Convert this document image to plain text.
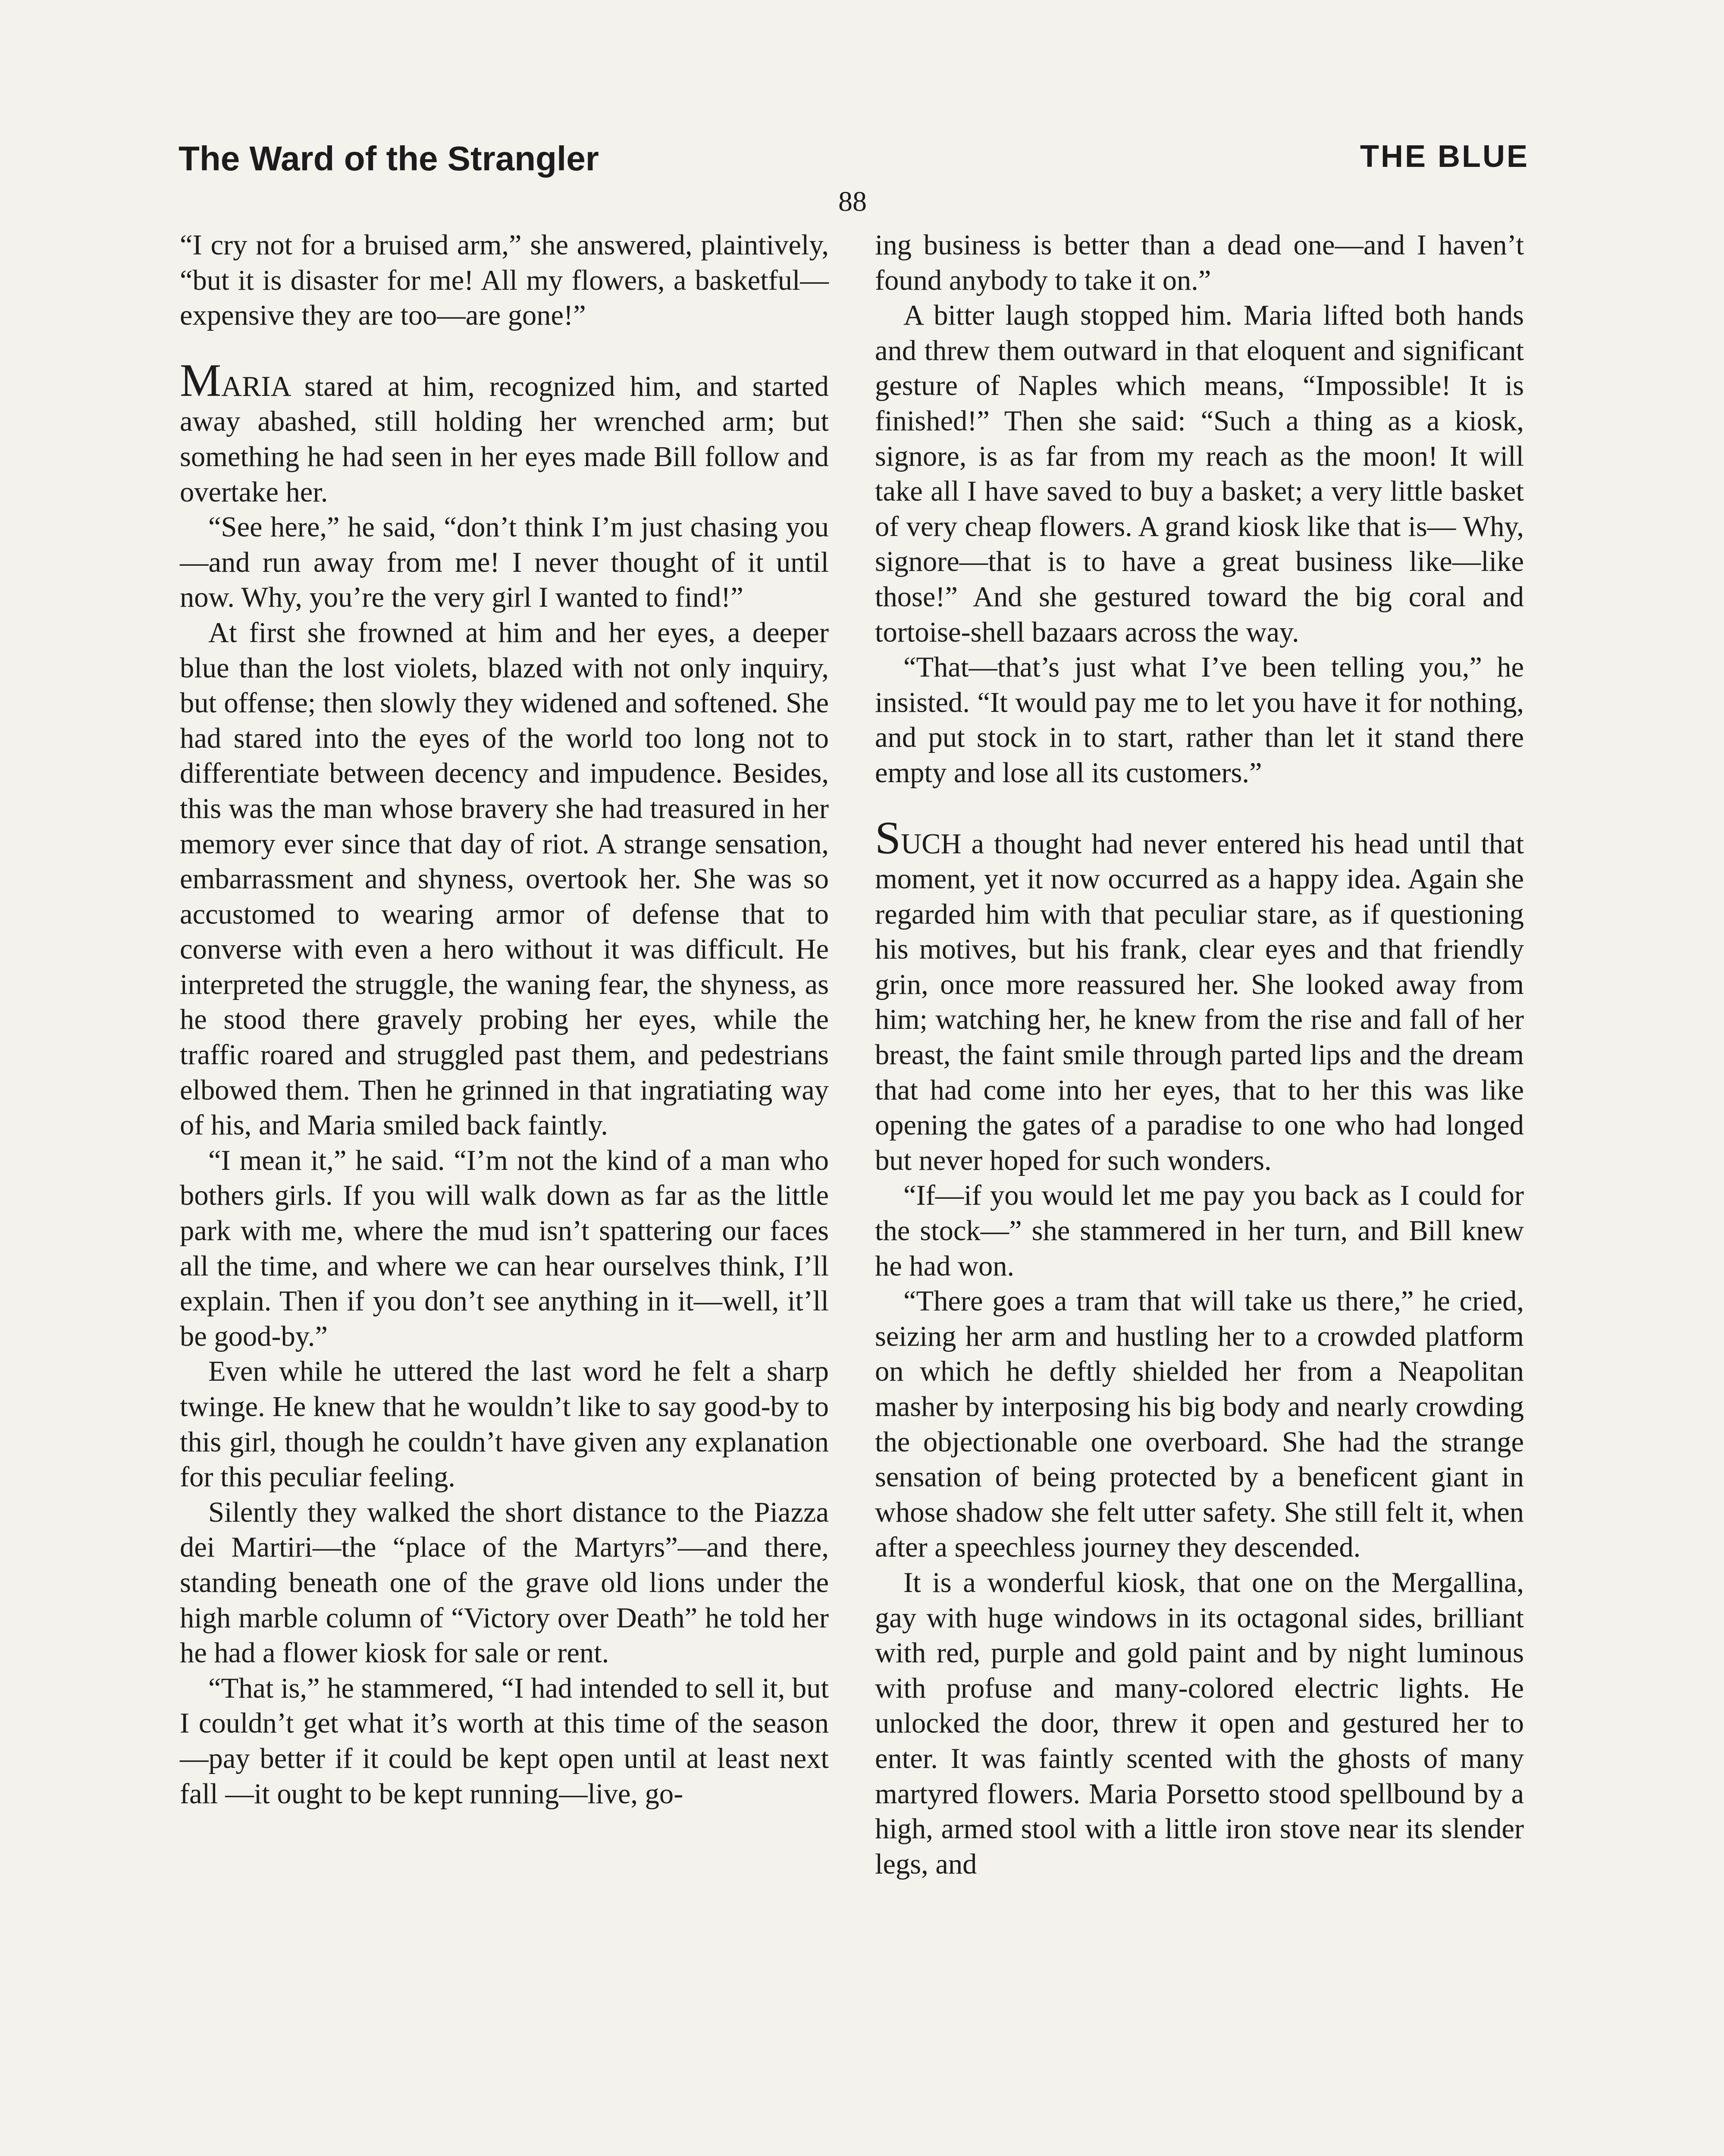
The Ward of the Strangler	THE BLUE
88

“I cry not for a bruised arm,” she answered, plaintively, “but it is disaster for me! All my flowers, a basketful—expensive they are too—are gone!”

MARIA stared at him, recognized him, and started away abashed, still holding her wrenched arm; but something he had seen in her eyes made Bill follow and overtake her.

“See here,” he said, “don’t think I’m just chasing you—and run away from me! I never thought of it until now. Why, you’re the very girl I wanted to find!”

At first she frowned at him and her eyes, a deeper blue than the lost violets, blazed with not only inquiry, but offense; then slowly they widened and softened. She had stared into the eyes of the world too long not to differentiate between decency and impudence. Besides, this was the man whose bravery she had treasured in her memory ever since that day of riot. A strange sensation, embarrassment and shyness, overtook her. She was so accustomed to wearing armor of defense that to converse with even a hero without it was difficult. He interpreted the struggle, the waning fear, the shyness, as he stood there gravely probing her eyes, while the traffic roared and struggled past them, and pedestrians elbowed them. Then he grinned in that ingratiating way of his, and Maria smiled back faintly.

“I mean it,” he said. “I’m not the kind of a man who bothers girls. If you will walk down as far as the little park with me, where the mud isn’t spattering our faces all the time, and where we can hear ourselves think, I’ll explain. Then if you don’t see anything in it—well, it’ll be good-by.”

Even while he uttered the last word he felt a sharp twinge. He knew that he wouldn’t like to say good-by to this girl, though he couldn’t have given any explanation for this peculiar feeling.

Silently they walked the short distance to the Piazza dei Martiri—the “place of the Martyrs”—and there, standing beneath one of the grave old lions under the high marble column of “Victory over Death” he told her he had a flower kiosk for sale or rent.

“That is,” he stammered, “I had intended to sell it, but I couldn’t get what it’s worth at this time of the season—pay better if it could be kept open until at least next fall —it ought to be kept running—live, go-

ing business is better than a dead one—and I haven’t found anybody to take it on.”

A bitter laugh stopped him. Maria lifted both hands and threw them outward in that eloquent and significant gesture of Naples which means, “Impossible! It is finished!” Then she said: “Such a thing as a kiosk, signore, is as far from my reach as the moon! It will take all I have saved to buy a basket; a very little basket of very cheap flowers. A grand kiosk like that is— Why, signore—that is to have a great business like—like those!” And she gestured toward the big coral and tortoise-shell bazaars across the way.

“That—that’s just what I’ve been telling you,” he insisted. “It would pay me to let you have it for nothing, and put stock in to start, rather than let it stand there empty and lose all its customers.”

SUCH a thought had never entered his head until that moment, yet it now occurred as a happy idea. Again she regarded him with that peculiar stare, as if questioning his motives, but his frank, clear eyes and that friendly grin, once more reassured her. She looked away from him; watching her, he knew from the rise and fall of her breast, the faint smile through parted lips and the dream that had come into her eyes, that to her this was like opening the gates of a paradise to one who had longed but never hoped for such wonders.

“If—if you would let me pay you back as I could for the stock—” she stammered in her turn, and Bill knew he had won.

“There goes a tram that will take us there,” he cried, seizing her arm and hustling her to a crowded platform on which he deftly shielded her from a Neapolitan masher by interposing his big body and nearly crowding the objectionable one overboard. She had the strange sensation of being protected by a beneficent giant in whose shadow she felt utter safety. She still felt it, when after a speechless journey they descended.

It is a wonderful kiosk, that one on the Mergallina, gay with huge windows in its octagonal sides, brilliant with red, purple and gold paint and by night luminous with profuse and many-colored electric lights. He unlocked the door, threw it open and gestured her to enter. It was faintly scented with the ghosts of many martyred flowers. Maria Porsetto stood spellbound by a high, armed stool with a little iron stove near its slender legs, and
